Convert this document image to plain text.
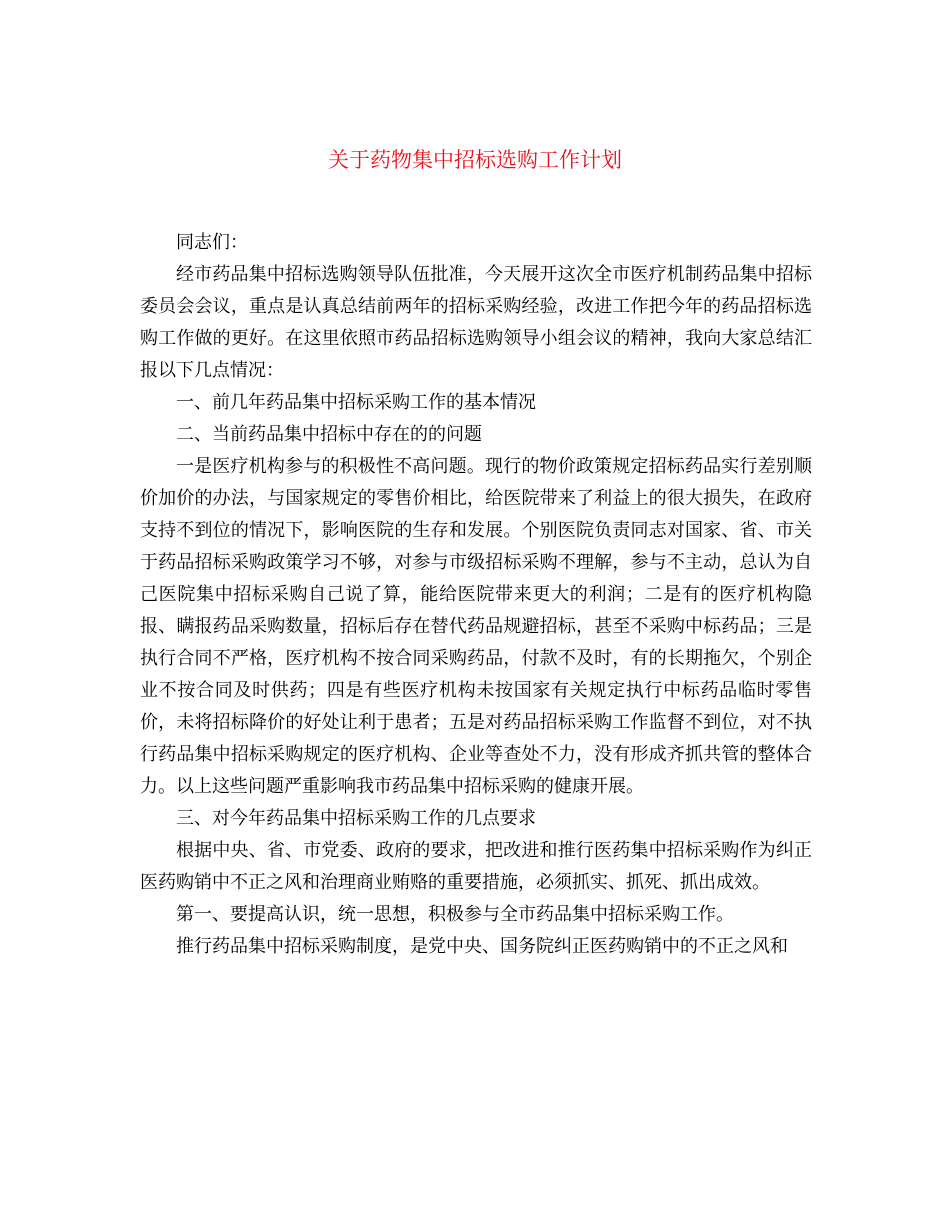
关于药物集中招标选购工作计划

同志们：

经市药品集中招标选购领导队伍批准，今天展开这次全市医疗机制药品集中招标委员会会议，重点是认真总结前两年的招标采购经验，改进工作把今年的药品招标选购工作做的更好。在这里依照市药品招标选购领导小组会议的精神，我向大家总结汇报以下几点情况：

一、前几年药品集中招标采购工作的基本情况

二、当前药品集中招标中存在的的问题

一是医疗机构参与的积极性不高问题。现行的物价政策规定招标药品实行差别顺价加价的办法，与国家规定的零售价相比，给医院带来了利益上的很大损失，在政府支持不到位的情况下，影响医院的生存和发展。个别医院负责同志对国家、省、市关于药品招标采购政策学习不够，对参与市级招标采购不理解，参与不主动，总认为自己医院集中招标采购自己说了算，能给医院带来更大的利润；二是有的医疗机构隐报、瞒报药品采购数量，招标后存在替代药品规避招标，甚至不采购中标药品；三是执行合同不严格，医疗机构不按合同采购药品，付款不及时，有的长期拖欠，个别企业不按合同及时供药；四是有些医疗机构未按国家有关规定执行中标药品临时零售价，未将招标降价的好处让利于患者；五是对药品招标采购工作监督不到位，对不执行药品集中招标采购规定的医疗机构、企业等查处不力，没有形成齐抓共管的整体合力。以上这些问题严重影响我市药品集中招标采购的健康开展。

三、对今年药品集中招标采购工作的几点要求

根据中央、省、市党委、政府的要求，把改进和推行医药集中招标采购作为纠正医药购销中不正之风和治理商业贿赂的重要措施，必须抓实、抓死、抓出成效。

第一、要提高认识，统一思想，积极参与全市药品集中招标采购工作。

推行药品集中招标采购制度，是党中央、国务院纠正医药购销中的不正之风和
